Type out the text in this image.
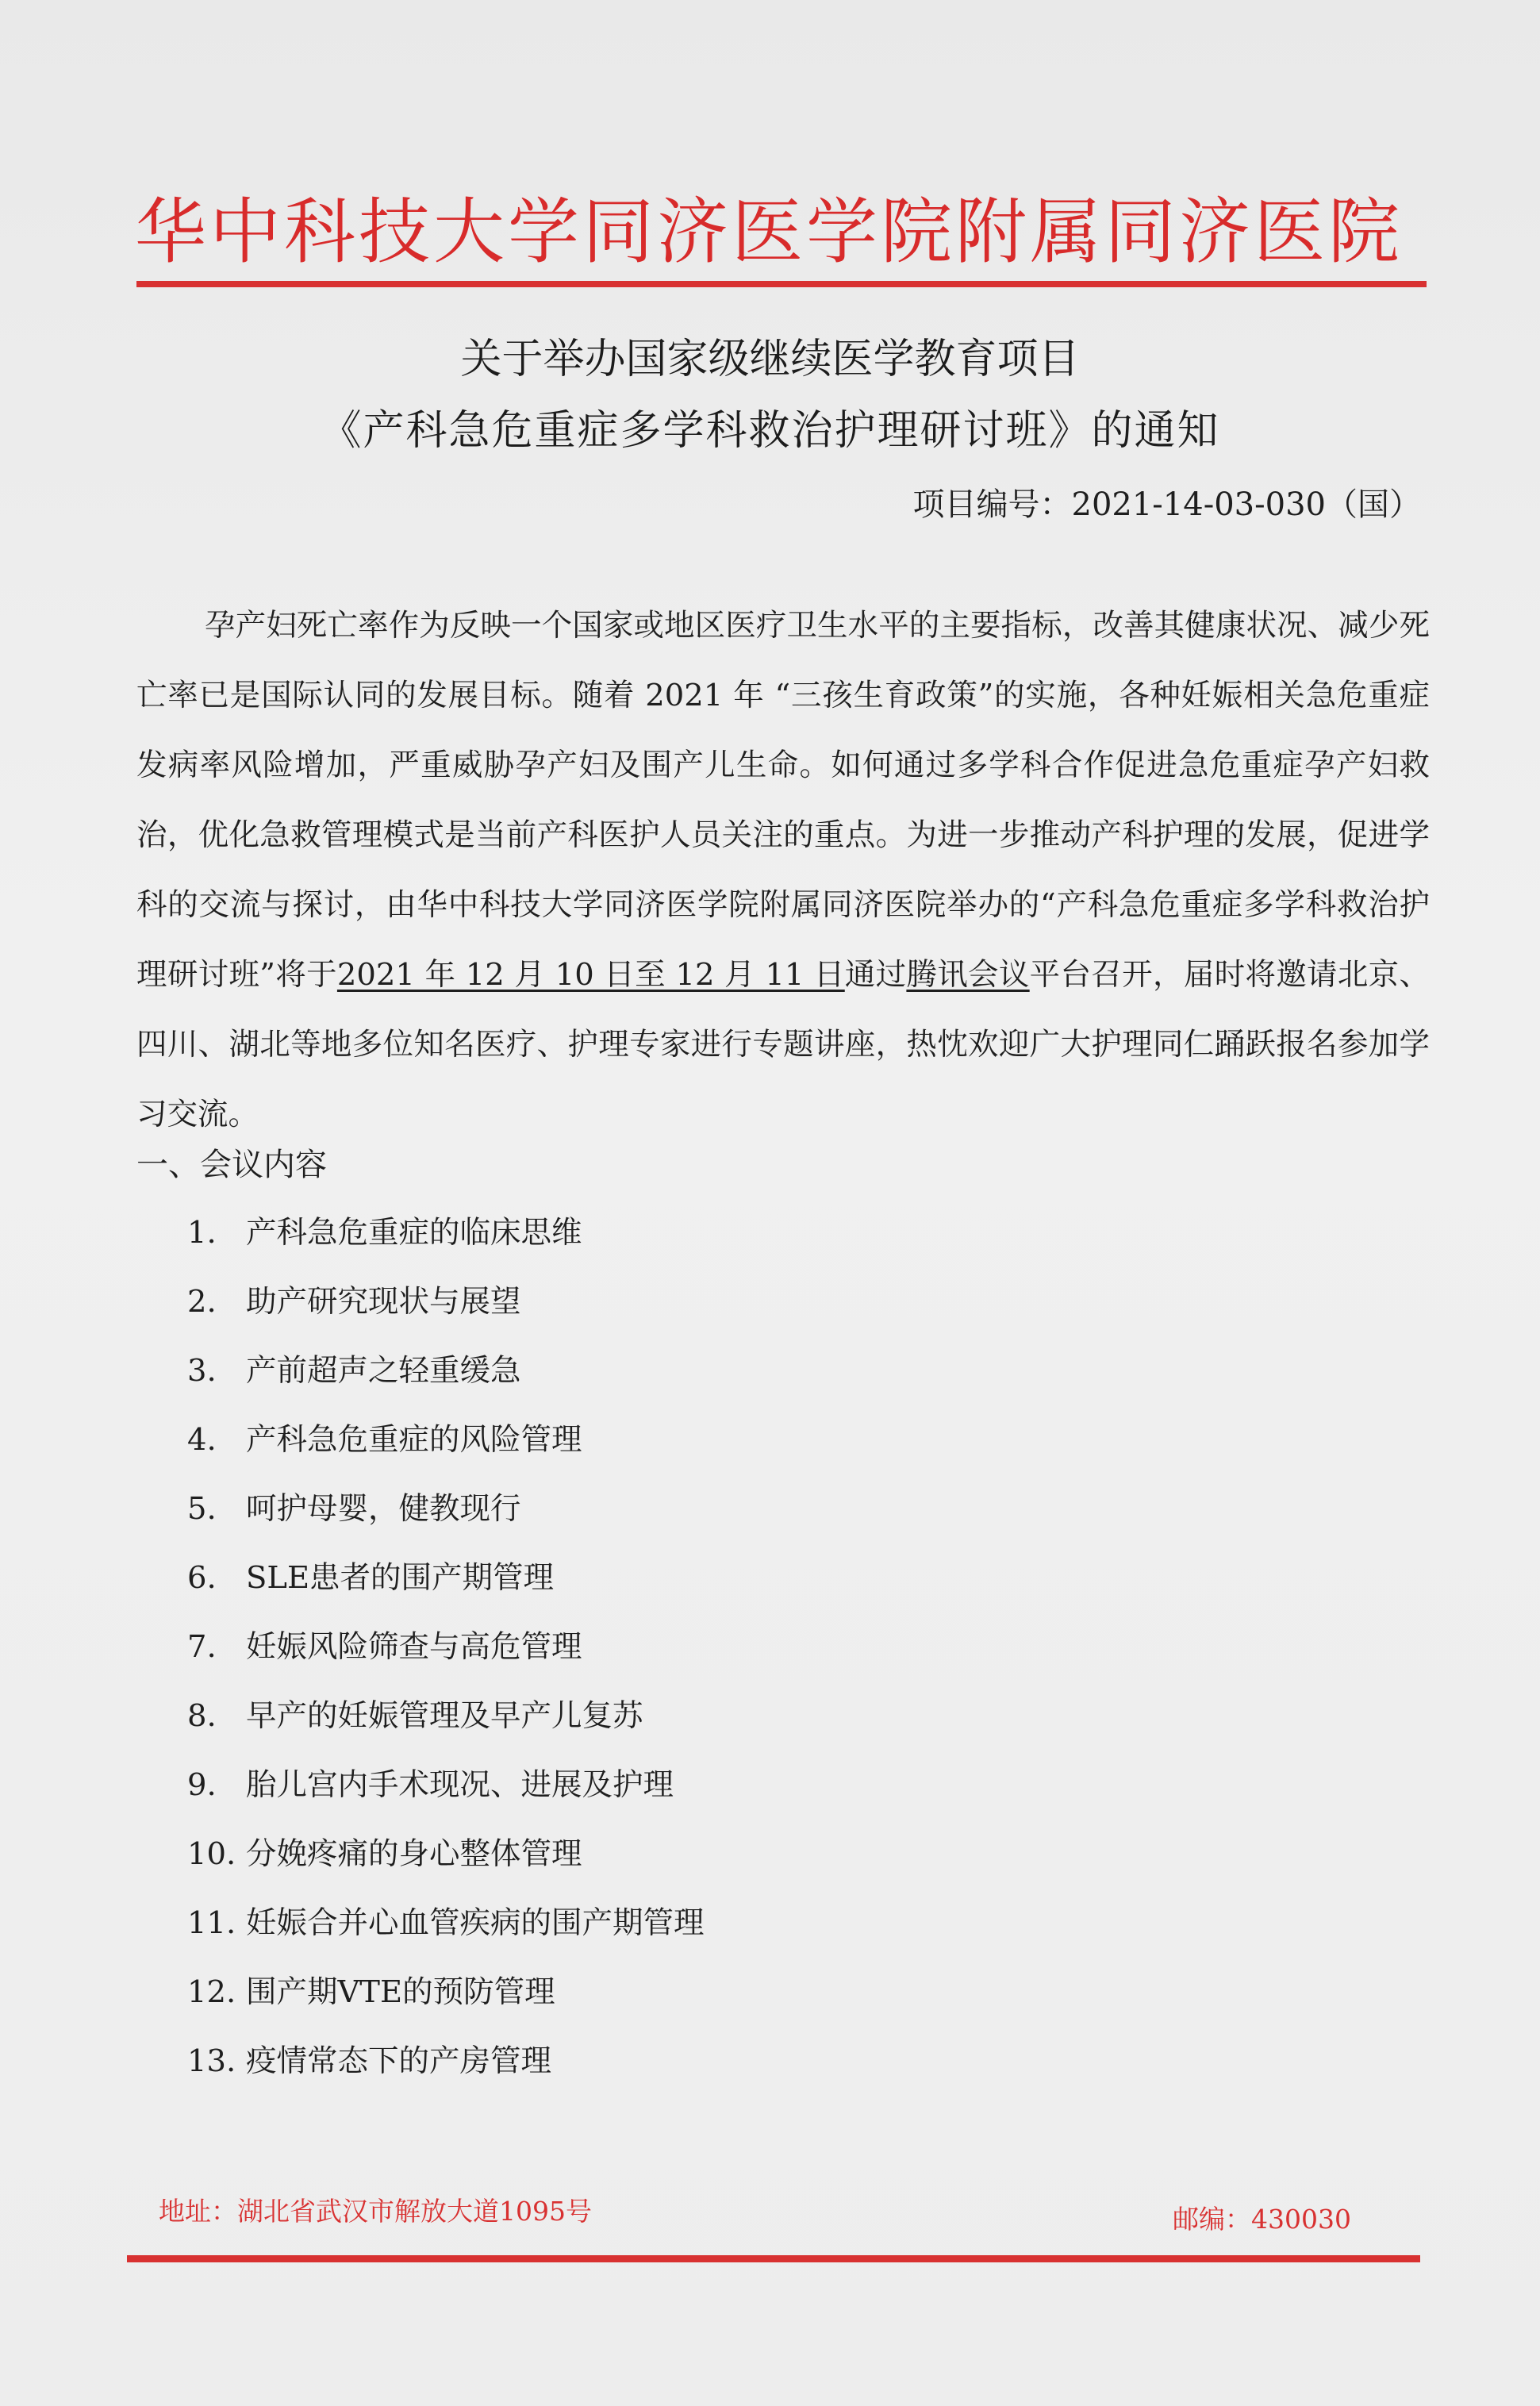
华中科技大学同济医学院附属同济医院
关于举办国家级继续医学教育项目
《产科急危重症多学科救治护理研讨班》的通知
项目编号：2021-14-03-030（国）

孕产妇死亡率作为反映一个国家或地区医疗卫生水平的主要指标，改善其健康状况、减少死亡率已是国际认同的发展目标。随着 2021 年 “三孩生育政策”的实施，各种妊娠相关急危重症发病率风险增加，严重威胁孕产妇及围产儿生命。如何通过多学科合作促进急危重症孕产妇救治，优化急救管理模式是当前产科医护人员关注的重点。为进一步推动产科护理的发展，促进学科的交流与探讨，由华中科技大学同济医学院附属同济医院举办的“产科急危重症多学科救治护理研讨班”将于2021 年 12 月 10 日至 12 月 11 日通过腾讯会议平台召开，届时将邀请北京、四川、湖北等地多位知名医疗、护理专家进行专题讲座，热忱欢迎广大护理同仁踊跃报名参加学习交流。

一、会议内容
1. 产科急危重症的临床思维
2. 助产研究现状与展望
3. 产前超声之轻重缓急
4. 产科急危重症的风险管理
5. 呵护母婴，健教现行
6. SLE患者的围产期管理
7. 妊娠风险筛查与高危管理
8. 早产的妊娠管理及早产儿复苏
9. 胎儿宫内手术现况、进展及护理
10. 分娩疼痛的身心整体管理
11. 妊娠合并心血管疾病的围产期管理
12. 围产期VTE的预防管理
13. 疫情常态下的产房管理
地址：湖北省武汉市解放大道1095号	邮编：430030
